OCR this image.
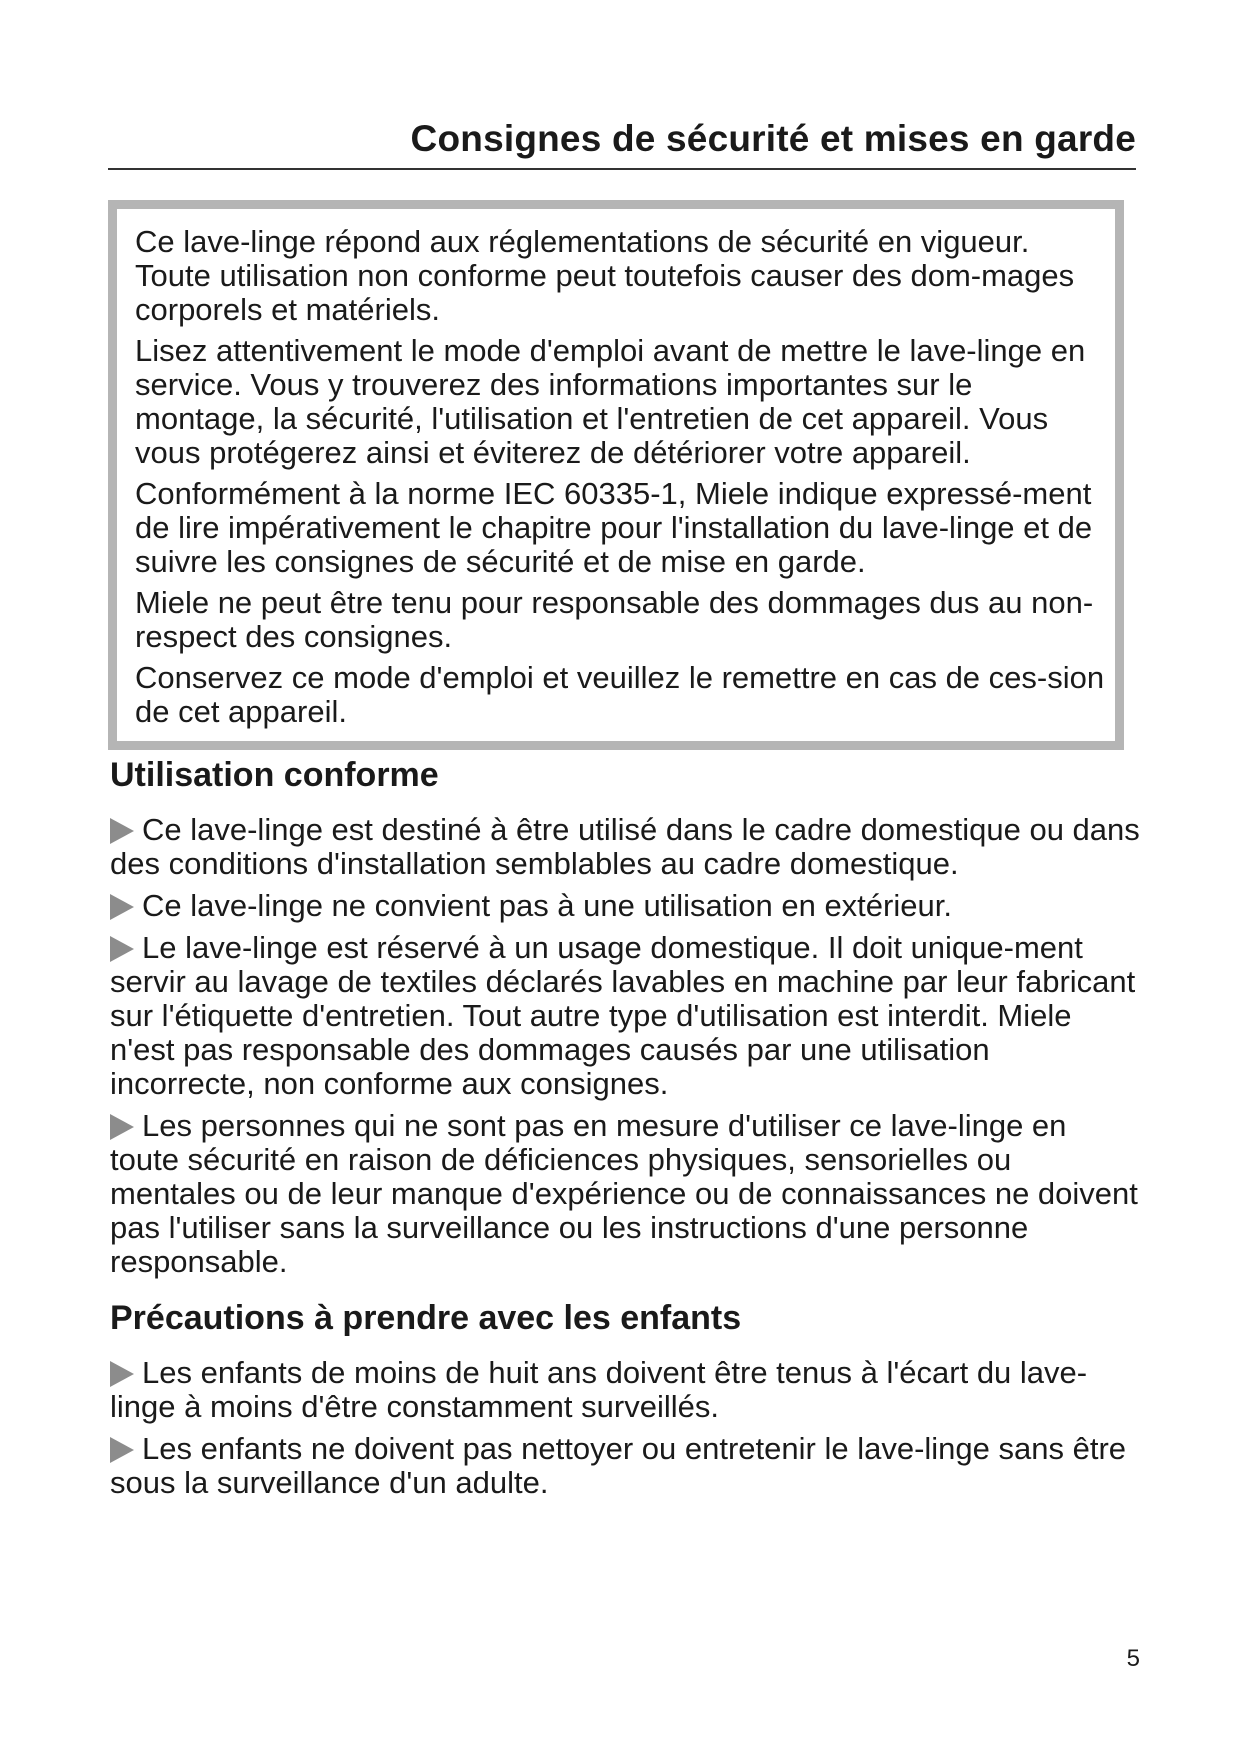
Consignes de sécurité et mises en garde

Ce lave-linge répond aux réglementations de sécurité en vigueur. Toute utilisation non conforme peut toutefois causer des dom-mages corporels et matériels.

Lisez attentivement le mode d'emploi avant de mettre le lave-linge en service. Vous y trouverez des informations importantes sur le montage, la sécurité, l'utilisation et l'entretien de cet appareil. Vous vous protégerez ainsi et éviterez de détériorer votre appareil.

Conformément à la norme IEC 60335-1, Miele indique expressé-ment de lire impérativement le chapitre pour l'installation du lave-linge et de suivre les consignes de sécurité et de mise en garde.

Miele ne peut être tenu pour responsable des dommages dus au non-respect des consignes.

Conservez ce mode d'emploi et veuillez le remettre en cas de ces-sion de cet appareil.

Utilisation conforme

Ce lave-linge est destiné à être utilisé dans le cadre domestique ou dans des conditions d'installation semblables au cadre domestique.

Ce lave-linge ne convient pas à une utilisation en extérieur.

Le lave-linge est réservé à un usage domestique. Il doit unique-ment servir au lavage de textiles déclarés lavables en machine par leur fabricant sur l'étiquette d'entretien. Tout autre type d'utilisation est interdit. Miele n'est pas responsable des dommages causés par une utilisation incorrecte, non conforme aux consignes.

Les personnes qui ne sont pas en mesure d'utiliser ce lave-linge en toute sécurité en raison de déficiences physiques, sensorielles ou mentales ou de leur manque d'expérience ou de connaissances ne doivent pas l'utiliser sans la surveillance ou les instructions d'une personne responsable.

Précautions à prendre avec les enfants

Les enfants de moins de huit ans doivent être tenus à l'écart du lave-linge à moins d'être constamment surveillés.

Les enfants ne doivent pas nettoyer ou entretenir le lave-linge sans être sous la surveillance d'un adulte.

5
